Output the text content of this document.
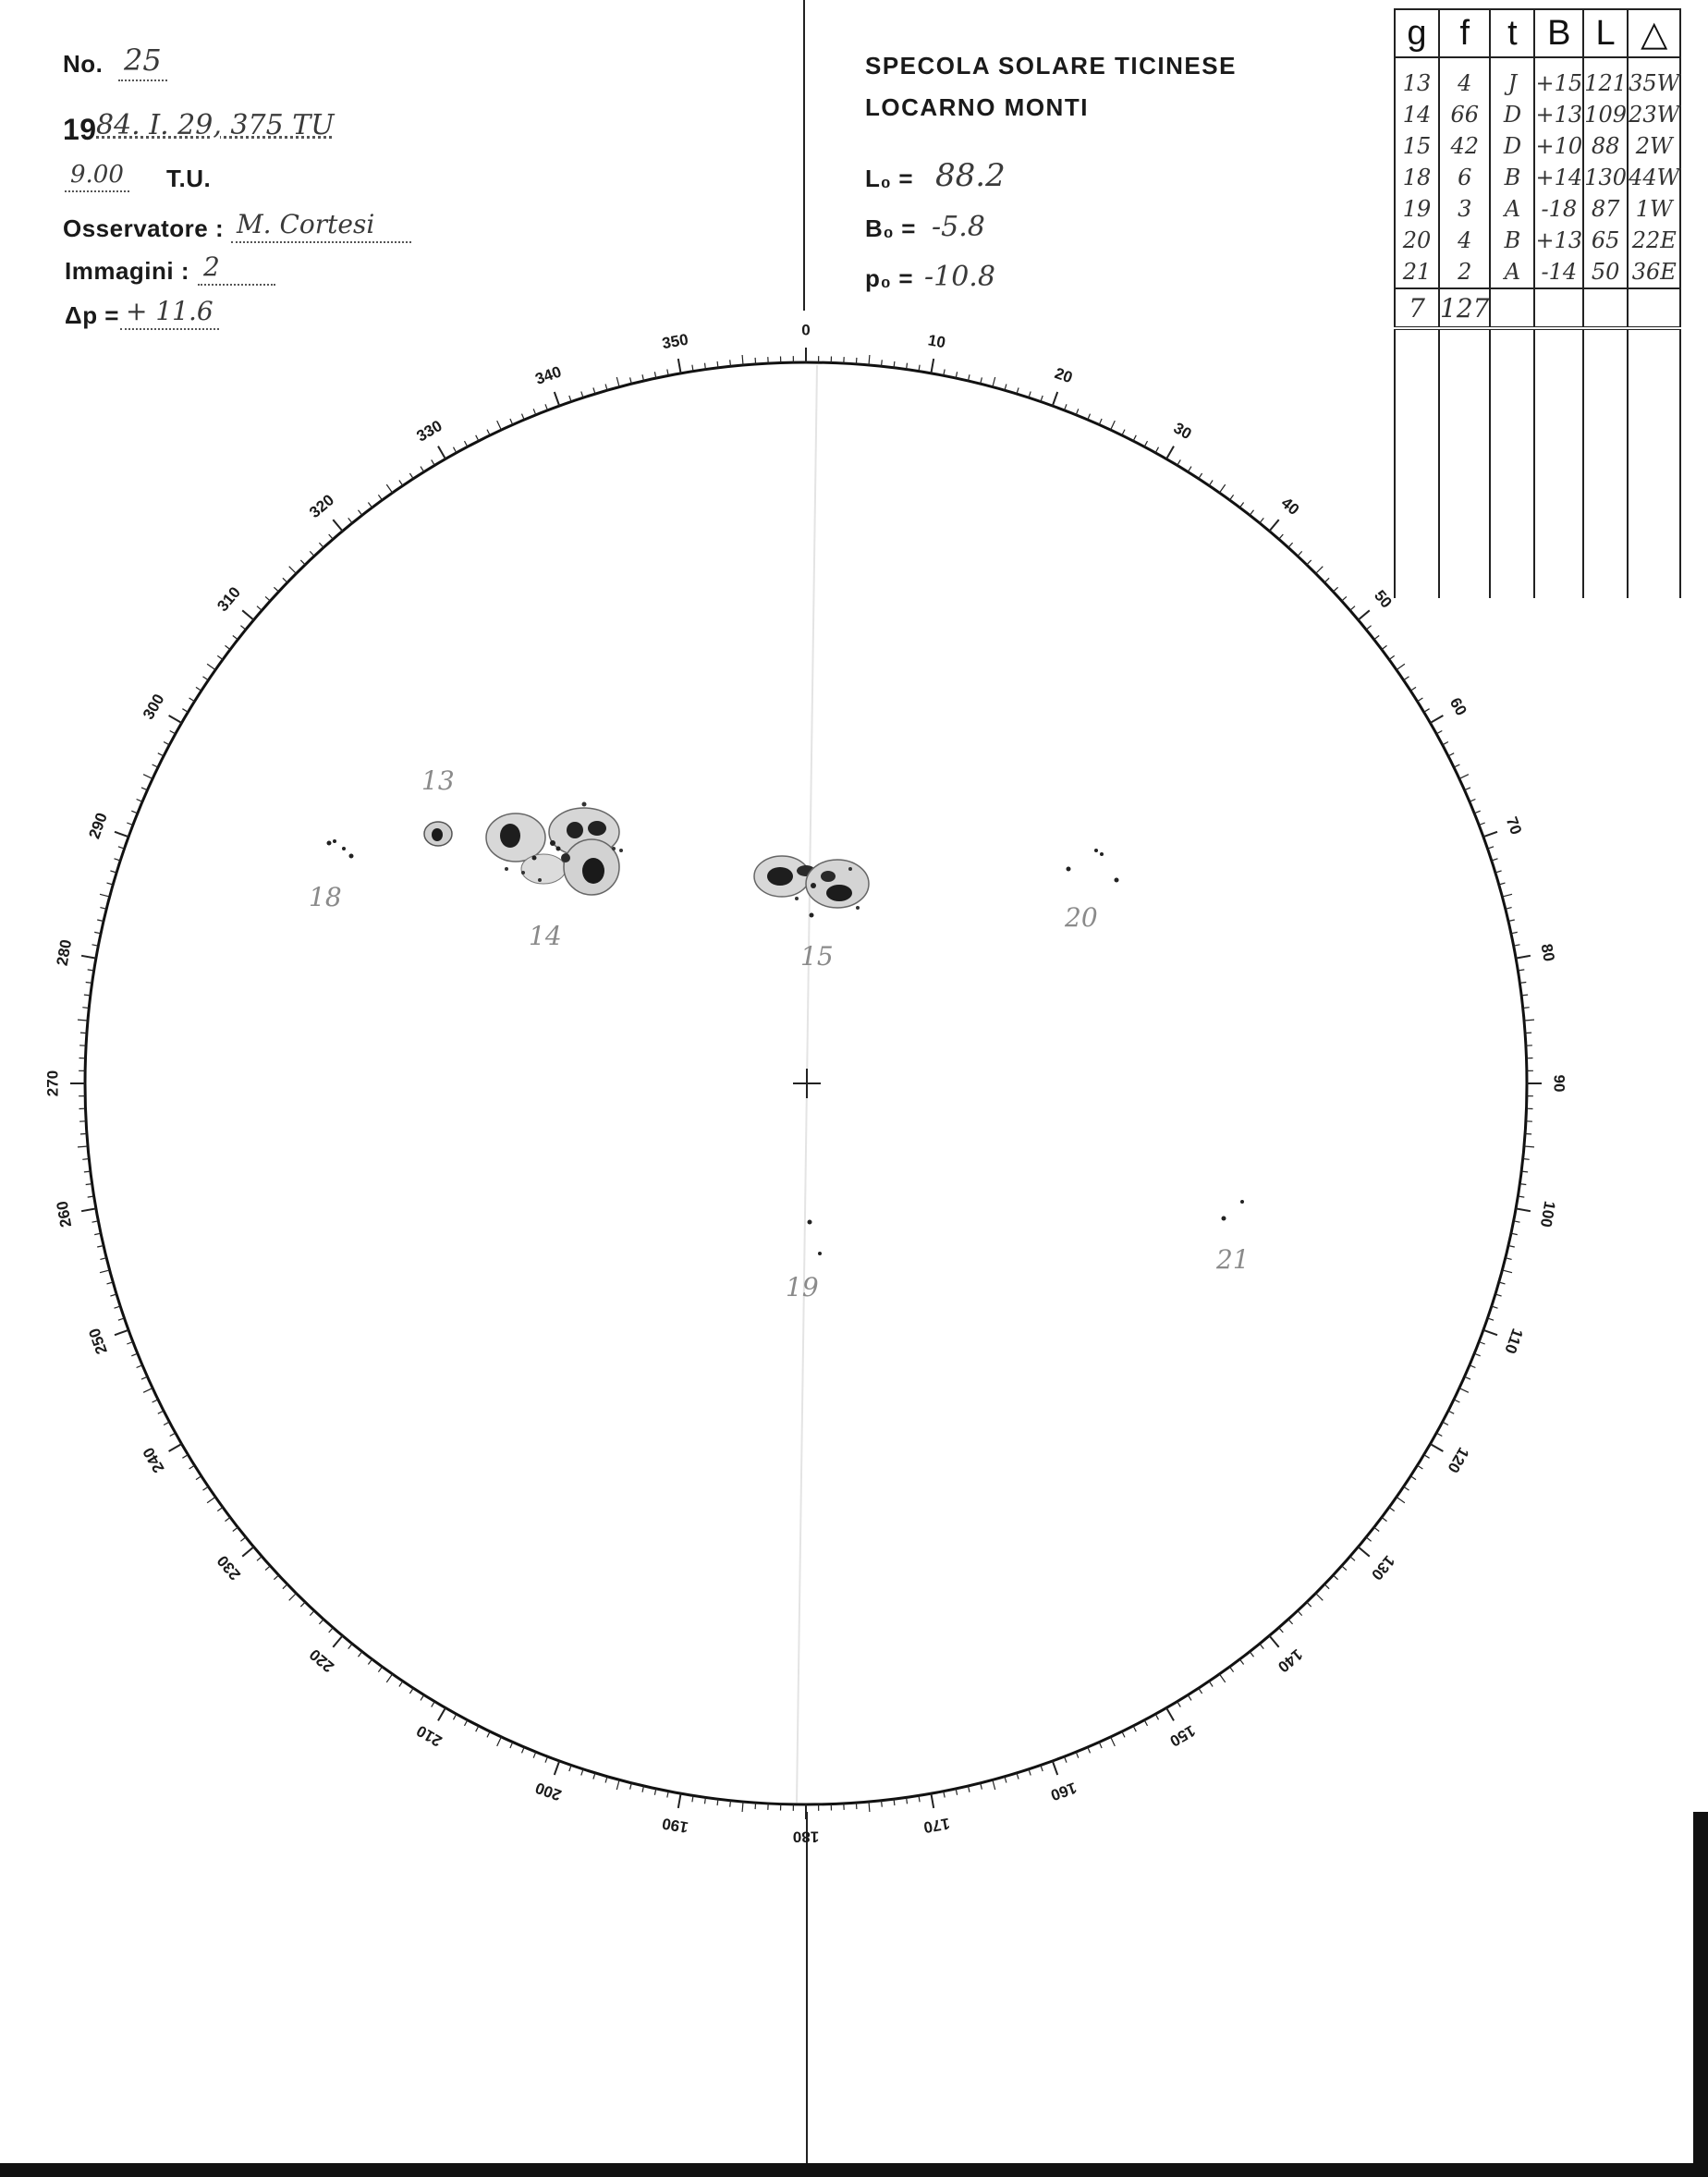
No. 25
19 84. I. 29, 375 TU
9.00 T.U.
Osservatore : M. Cortesi
Immagini : 2
Δp = + 11.6
SPECOLA SOLARE TICINESE
LOCARNO MONTI
L₀ = 88.2
B₀ = -5.8
p₀ = -10.8
g	f	t	B	L	△
13	4	J	+15	121	35W
14	66	D	+13	109	23W
15	42	D	+10	88	2W
18	6	B	+14	130	44W
19	3	A	-18	87	1W
20	4	B	+13	65	22E
21	2	A	-14	50	36E
7	127				

0
10
20
30
40
50
60
70
80
90
100
110
120
130
140
150
160
170
180
190
200
210
220
230
240
250
260
270
280
290
300
310
320
330
340
350
13
14
15
18
19
20
21
